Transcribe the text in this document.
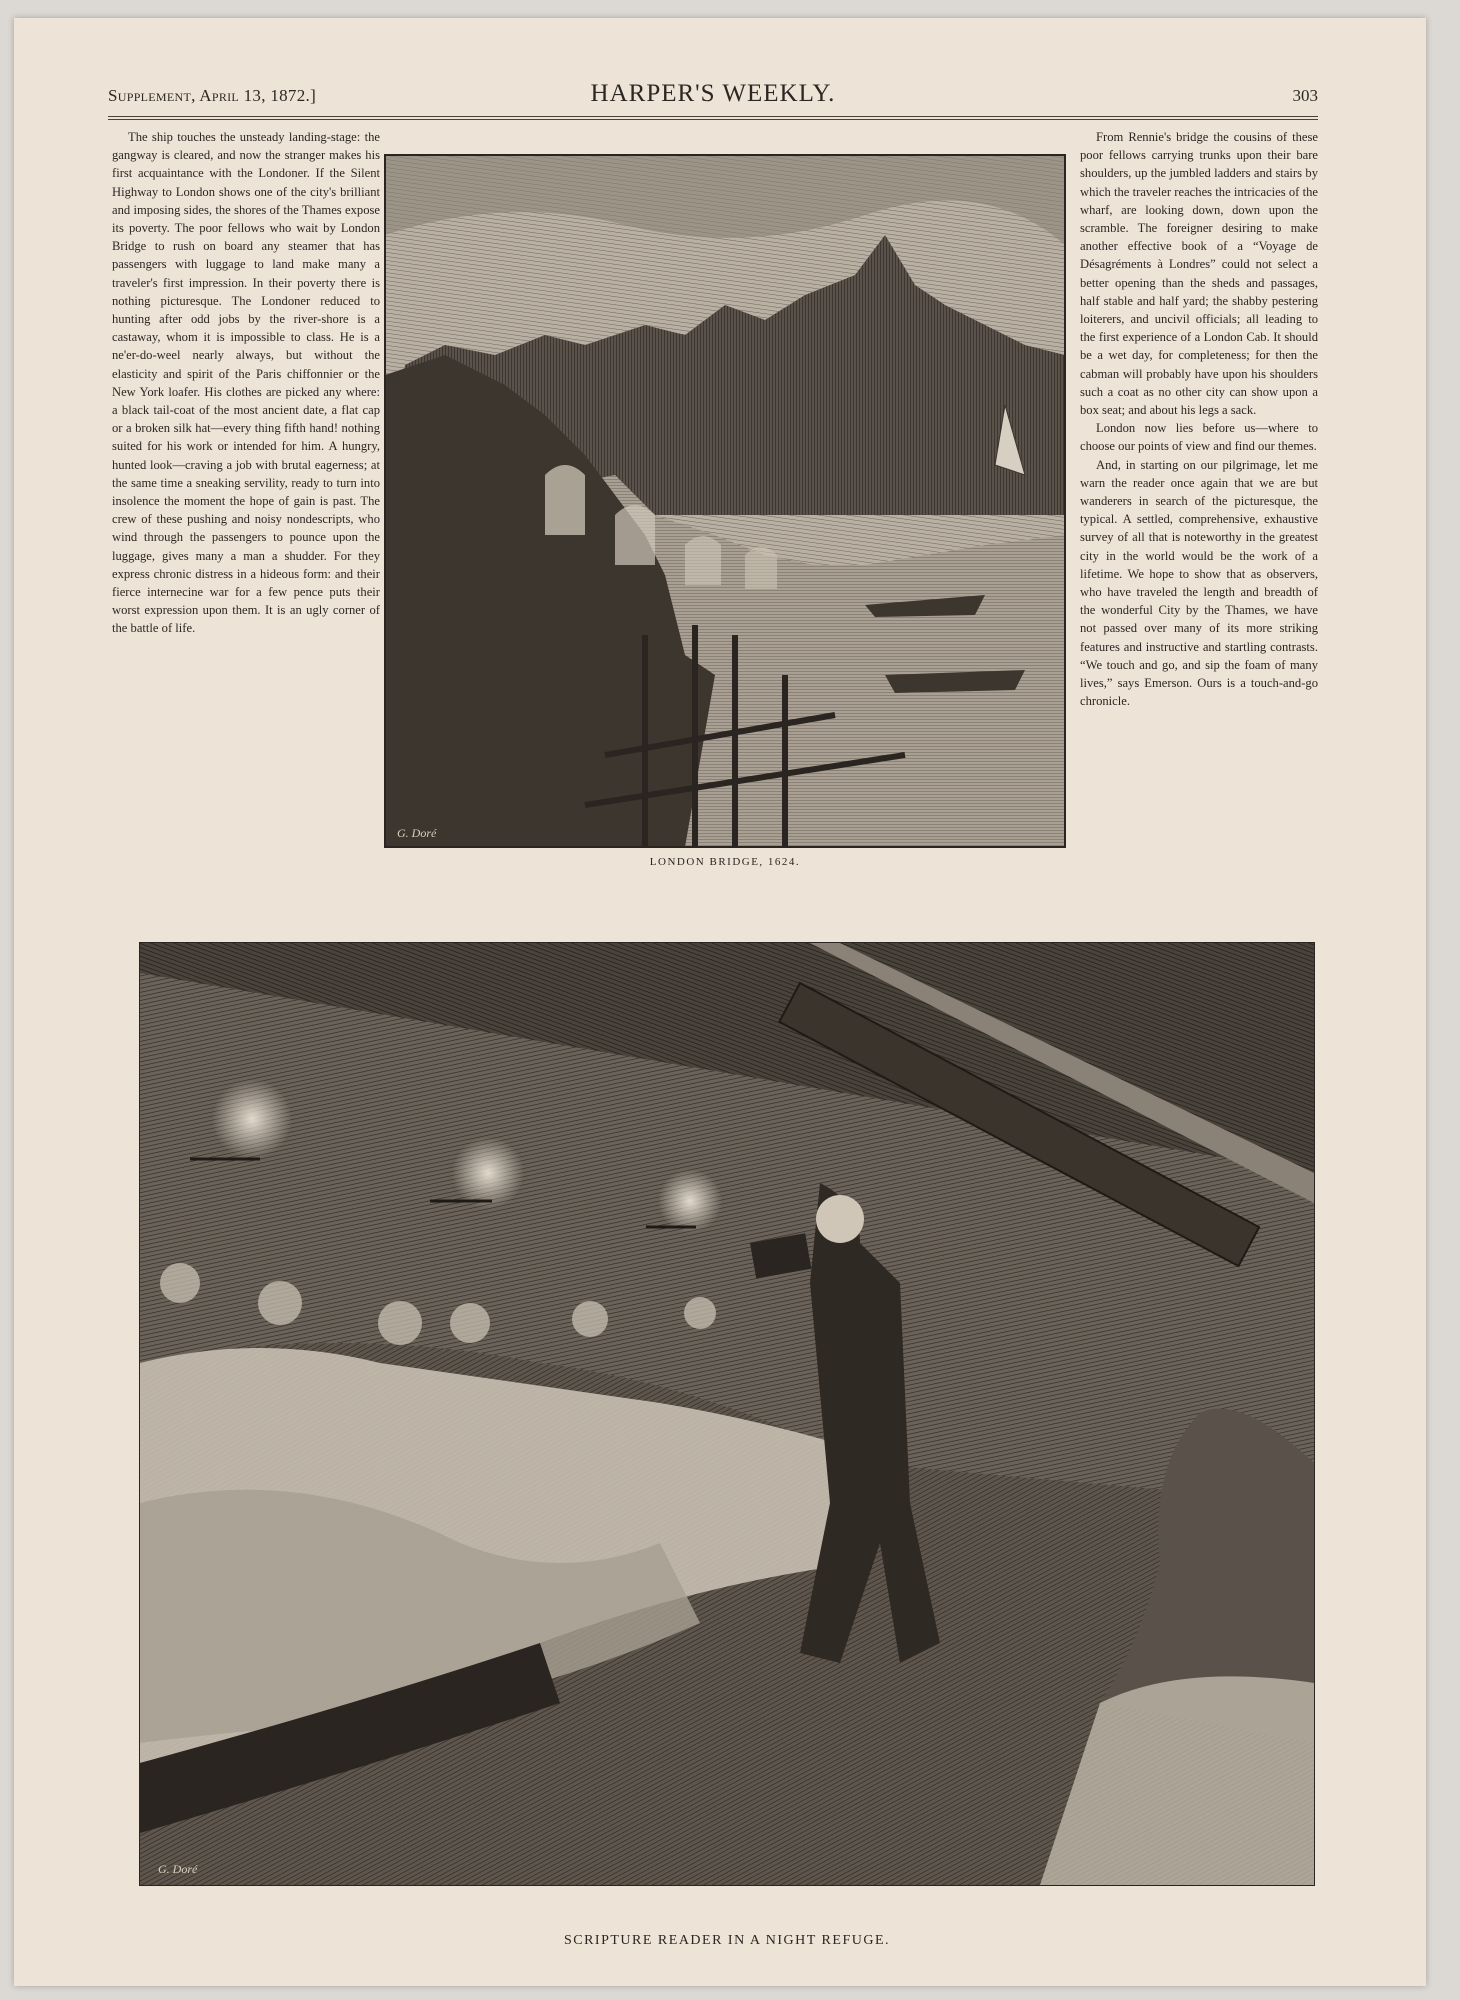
Supplement, April 13, 1872.]	HARPER'S WEEKLY.	303

The ship touches the unsteady landing-stage: the gangway is cleared, and now the stranger makes his first acquaintance with the Londoner. If the Silent Highway to London shows one of the city's brilliant and imposing sides, the shores of the Thames expose its poverty. The poor fellows who wait by London Bridge to rush on board any steamer that has passengers with luggage to land make many a traveler's first impression. In their poverty there is nothing picturesque. The Londoner reduced to hunting after odd jobs by the river-shore is a castaway, whom it is impossible to class. He is a ne'er-do-weel nearly always, but without the elasticity and spirit of the Paris chiffonnier or the New York loafer. His clothes are picked any where: a black tail-coat of the most ancient date, a flat cap or a broken silk hat—every thing fifth hand! nothing suited for his work or intended for him. A hungry, hunted look—craving a job with brutal eagerness; at the same time a sneaking servility, ready to turn into insolence the moment the hope of gain is past. The crew of these pushing and noisy nondescripts, who wind through the passengers to pounce upon the luggage, gives many a man a shudder. For they express chronic distress in a hideous form: and their fierce internecine war for a few pence puts their worst expression upon them. It is an ugly corner of the battle of life.

G. Doré
LONDON BRIDGE, 1624.

From Rennie's bridge the cousins of these poor fellows carrying trunks upon their bare shoulders, up the jumbled ladders and stairs by which the traveler reaches the intricacies of the wharf, are looking down, down upon the scramble. The foreigner desiring to make another effective book of a “Voyage de Désagréments à Londres” could not select a better opening than the sheds and passages, half stable and half yard; the shabby pestering loiterers, and uncivil officials; all leading to the first experience of a London Cab. It should be a wet day, for completeness; for then the cabman will probably have upon his shoulders such a coat as no other city can show upon a box seat; and about his legs a sack.

London now lies before us—where to choose our points of view and find our themes.

And, in starting on our pilgrimage, let me warn the reader once again that we are but wanderers in search of the picturesque, the typical. A settled, comprehensive, exhaustive survey of all that is noteworthy in the greatest city in the world would be the work of a lifetime. We hope to show that as observers, who have traveled the length and breadth of the wonderful City by the Thames, we have not passed over many of its more striking features and instructive and startling contrasts. “We touch and go, and sip the foam of many lives,” says Emerson. Ours is a touch-and-go chronicle.

G. Doré
SCRIPTURE READER IN A NIGHT REFUGE.
